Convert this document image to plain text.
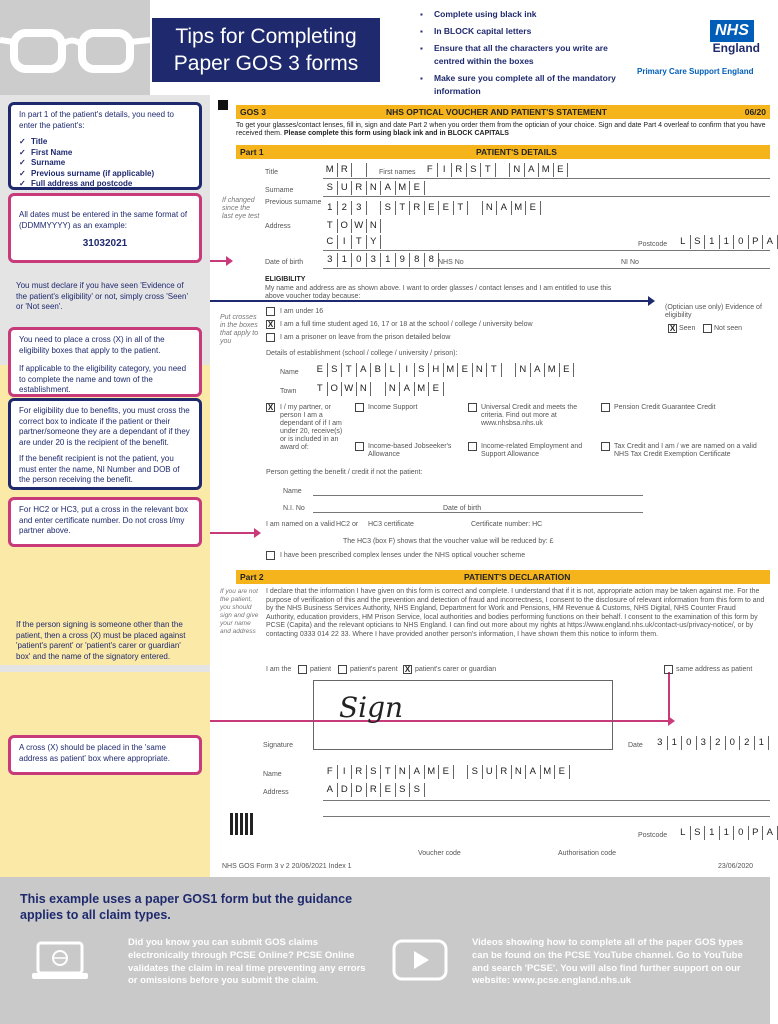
Tips for Completing
Paper GOS 3 forms
▪ Complete using black ink
▪ In BLOCK capital letters
▪ Ensure that all the characters you write are centred within the boxes
▪ Make sure you complete all of the mandatory information
NHS
England
Primary Care Support England
In part 1 of the patient's details, you need to enter the patient's:
✓ Title
✓ First Name
✓ Surname
✓ Previous surname (if applicable)
✓ Full address and postcode
All dates must be entered in the same format of (DDMMYYYY) as an example:
31032021
You must declare if you have seen 'Evidence of the patient's eligibility' or not, simply cross 'Seen' or 'Not seen'.
You need to place a cross (X) in all of the eligibility boxes that apply to the patient.
If applicable to the eligibility category, you need to complete the name and town of the establishment.
For eligibility due to benefits, you must cross the correct box to indicate if the patient or their partner/someone they are a dependant of if they are under 20 is the recipient of the benefit.
If the benefit recipient is not the patient, you must enter the name, NI Number and DOB of the person receiving the benefit.
For HC2 or HC3, put a cross in the relevant box and enter certificate number. Do not cross l/my partner above.
If the person signing is someone other than the patient, then a cross (X) must be placed against 'patient's parent' or 'patient's carer or guardian' box' and the name of the signatory entered.
A cross (X) should be placed in the 'same address as patient' box where appropriate.
GOS 3	NHS OPTICAL VOUCHER AND PATIENT'S STATEMENT	06/20
To get your glasses/contact lenses, fill in, sign and date Part 2 when you order them from the optician of your choice. Sign and date Part 4 overleaf to confirm that you have received them. Please complete this form using black ink and in BLOCK CAPITALS
Part 1	PATIENT'S DETAILS
Title	M R	First names	F	I	R S T	N A M E
Surname	S U R N A M E
If changed since the last eye test
Previous surname 1 2 3	S T R E E T	N A M E
Address	T O W N
C	I	T Y	Postcode	L S 1 1 0 P A
Date of birth	3 1 0 3 1 9 8 8 NHS No	NI No
ELIGIBILITY
My name and address are as shown above. I want to order glasses / contact lenses and I am entitled to use this above voucher today because:
(Optician use only) Evidence of eligibility
X Seen	Not seen
Put crosses in the boxes that apply to you
I am under 16
X I am a full time student aged 16, 17 or 18 at the school / college / university below
I am a prisoner on leave from the prison detailed below
Details of establishment (school / college / university / prison):
Name	E S T A B L	I	S H M E N T	N A M E
Town	T O W N	N A M E
X I / my partner, or person I am a dependant of if I am under 20, receive(s) or is included in an award of:
Income Support	Universal Credit and meets the criteria. Find out more at www.nhsbsa.nhs.uk
Pension Credit Guarantee Credit
Income-based Jobseeker's Allowance
Income-related Employment and Support Allowance
Tax Credit and I am / we are named on a valid NHS Tax Credit Exemption Certificate
Person getting the benefit / credit if not the patient:
Name
N.I. No	Date of birth
I am named on a valid HC2 or HC3 certificate	Certificate number: HC
The HC3 (box F) shows that the voucher value will be reduced by: £
I have been prescribed complex lenses under the NHS optical voucher scheme
Part 2	PATIENT'S DECLARATION
If you are not the patient, you should sign and give your name and address
I declare that the information I have given on this form is correct and complete. I understand that if it is not, appropriate action may be taken against me. For the purpose of verification of this and the prevention and detection of fraud and incorrectness, I consent to the disclosure of relevant information from this form to and by the NHS Business Services Authority, NHS England, Department for Work and Pensions, HM Revenue & Customs, NHS Digital, NHS Counter Fraud Authority, education providers, HM Prison Service, local authorities and bodies performing functions on their behalf. I consent to the examination of this form by PCSE (Capita) and the relevant opticians to NHS England. I can find out more about my rights at https://www.england.nhs.uk/contact-us/privacy-notice/, or by contacting 0333 014 22 33. Where I have provided another person's information, I have shown them this notice to inform them.
I am the	patient	patient's parent X patient's carer or guardian	same address as patient
Signature
Sign
Date	3 1 0 3 2 0 2 1
Name	F	I	R S T N A M E	S U R N A M E
Address	A D D R E S S
Postcode	L S 1 1 0 P A
Voucher code	Authorisation code
NHS GOS Form 3 v 2 20/06/2021 Index 1	23/06/2020
This example uses a paper GOS1 form but the guidance applies to all claim types.
Did you know you can submit GOS claims electronically through PCSE Online? PCSE Online validates the claim in real time preventing any errors or omissions before you submit the claim.
Videos showing how to complete all of the paper GOS types can be found on the PCSE YouTube channel. Go to YouTube and search 'PCSE'. You will also find further support on our website: www.pcse.england.nhs.uk
